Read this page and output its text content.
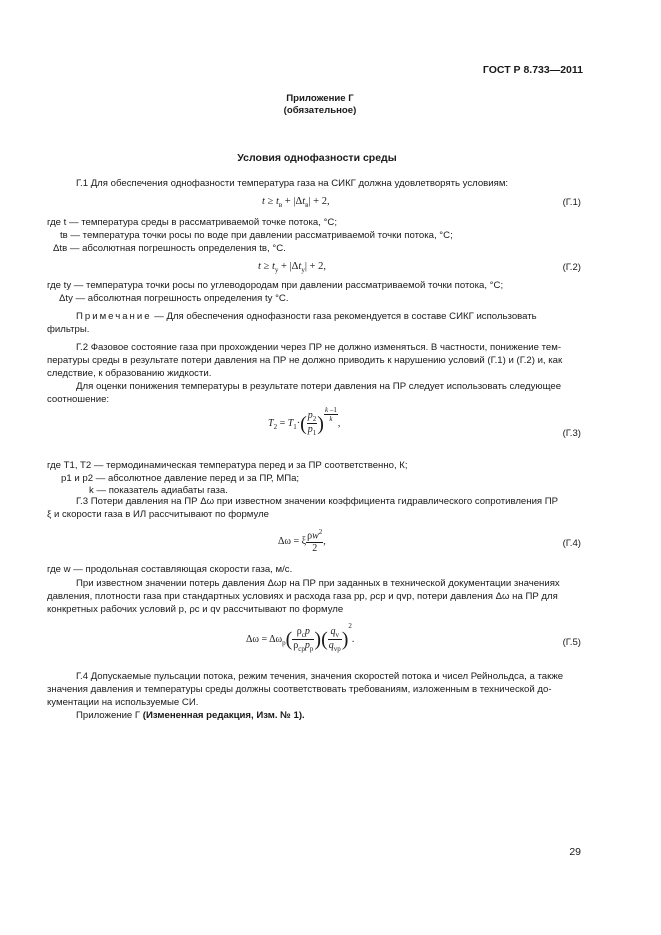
ГОСТ Р 8.733—2011
Приложение Г
(обязательное)
Условия однофазности среды
Г.1 Для обеспечения однофазности температура газа на СИКГ должна удовлетворять условиям:
$t \ge t_в + |\Delta t_в| + 2$,	(Г.1)
где t — температура среды в рассматриваемой точке потока, °С;
tв — температура точки росы по воде при давлении рассматриваемой точки потока, °С;
Δtв — абсолютная погрешность определения tв, °С.
$t \ge t_y + |\Delta t_y| + 2$,	(Г.2)
где ty — температура точки росы по углеводородам при давлении рассматриваемой точки потока, °С;
Δty — абсолютная погрешность определения ty °С.
Примечание — Для обеспечения однофазности газа рекомендуется в составе СИКГ использовать
фильтры.
Г.2 Фазовое состояние газа при прохождении через ПР не должно изменяться. В частности, понижение тем-
пературы среды в результате потери давления на ПР не должно приводить к нарушению условий (Г.1) и (Г.2) и, как
следствие, к образованию жидкости.
Для оценки понижения температуры в результате потери давления на ПР следует использовать следующее
соотношение:
$T_2 = T_1\cdot( \frac{p_2}{p_1}$ ) $\frac{k -1}{k}$ ,
(Г.3)
где T1, T2 — термодинамическая температура перед и за ПР соответственно, К;
p1 и p2 — абсолютное давление перед и за ПР, МПа;
k — показатель адиабаты газа.
Г.3 Потери давления на ПР Δω при известном значении коэффициента гидравлического сопротивления ПР
ξ и скорости газа в ИЛ рассчитывают по формуле
Δω = ξ $\frac{\rho w^2}{2}$ ,	(Г.4)
где w — продольная составляющая скорости газа, м/с.
При известном значении потерь давления Δωр на ПР при заданных в технической документации значениях
давления, плотности газа при стандартных условиях и расхода газа pр, ρср и qvр, потери давления Δω на ПР для
конкретных рабочих условий p, ρc и qv рассчитывают по формуле
$\Delta\omega = \Delta\omega_р( \frac{\rho_cp}{\rho_{cр}p_р}$ )( $\frac{q_v}{q_{vр}} )^2$.	(Г.5)
Г.4 Допускаемые пульсации потока, режим течения, значения скоростей потока и чисел Рейнольдса, а также
значения давления и температуры среды должны соответствовать требованиям, изложенным в технической до-
кументации на используемые СИ.
Приложение Г (Измененная редакция, Изм. № 1).
29
